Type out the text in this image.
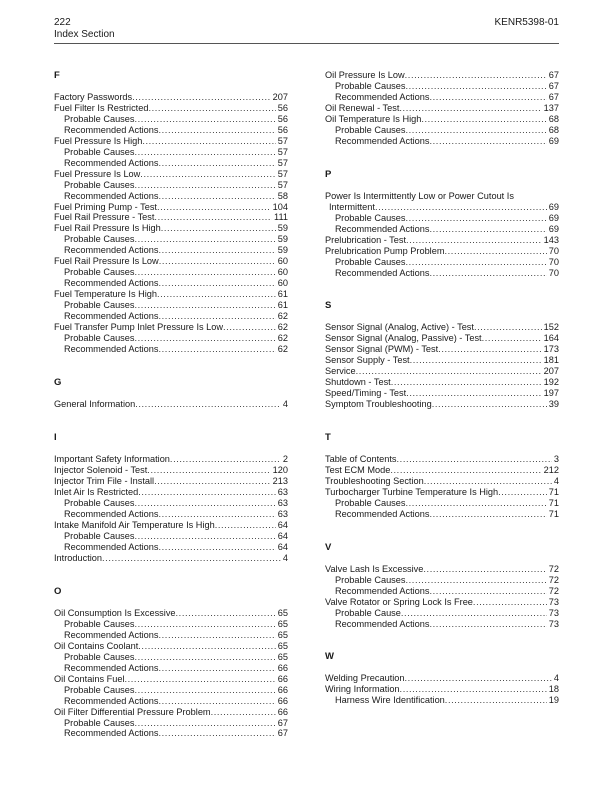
222
Index Section
KENR5398-01
F
Factory Passwords .....	207
Fuel Filter Is Restricted .....	56
Probable Causes .....	56
Recommended Actions .....	56
Fuel Pressure Is High .....	57
Probable Causes .....	57
Recommended Actions .....	57
Fuel Pressure Is Low .....	57
Probable Causes .....	57
Recommended Actions .....	58
Fuel Priming Pump - Test .....	104
Fuel Rail Pressure - Test .....	111
Fuel Rail Pressure Is High .....	59
Probable Causes .....	59
Recommended Actions .....	59
Fuel Rail Pressure Is Low .....	60
Probable Causes .....	60
Recommended Actions .....	60
Fuel Temperature Is High .....	61
Probable Causes .....	61
Recommended Actions .....	62
Fuel Transfer Pump Inlet Pressure Is Low .....	62
Probable Causes .....	62
Recommended Actions .....	62
G
General Information .....	4
I
Important Safety Information .....	2
Injector Solenoid - Test .....	120
Injector Trim File - Install .....	213
Inlet Air Is Restricted .....	63
Probable Causes .....	63
Recommended Actions .....	63
Intake Manifold Air Temperature Is High .....	64
Probable Causes .....	64
Recommended Actions .....	64
Introduction .....	4
O
Oil Consumption Is Excessive .....	65
Probable Causes .....	65
Recommended Actions .....	65
Oil Contains Coolant .....	65
Probable Causes .....	65
Recommended Actions .....	66
Oil Contains Fuel .....	66
Probable Causes .....	66
Recommended Actions .....	66
Oil Filter Differential Pressure Problem .....	66
Probable Causes .....	67
Recommended Actions .....	67
Oil Pressure Is Low .....	67
Probable Causes .....	67
Recommended Actions .....	67
Oil Renewal - Test .....	137
Oil Temperature Is High .....	68
Probable Causes .....	68
Recommended Actions .....	69
P
Power Is Intermittently Low or Power Cutout Is
Intermittent .....	69
Probable Causes .....	69
Recommended Actions .....	69
Prelubrication - Test .....	143
Prelubrication Pump Problem .....	70
Probable Causes .....	70
Recommended Actions .....	70
S
Sensor Signal (Analog, Active) - Test .....	152
Sensor Signal (Analog, Passive) - Test .....	164
Sensor Signal (PWM) - Test .....	173
Sensor Supply - Test .....	181
Service .....	207
Shutdown - Test .....	192
Speed/Timing - Test .....	197
Symptom Troubleshooting .....	39
T
Table of Contents .....	3
Test ECM Mode .....	212
Troubleshooting Section .....	4
Turbocharger Turbine Temperature Is High .....	71
Probable Causes .....	71
Recommended Actions .....	71
V
Valve Lash Is Excessive .....	72
Probable Causes .....	72
Recommended Actions .....	72
Valve Rotator or Spring Lock Is Free .....	73
Probable Cause .....	73
Recommended Actions .....	73
W
Welding Precaution .....	4
Wiring Information .....	18
Harness Wire Identification .....	19
